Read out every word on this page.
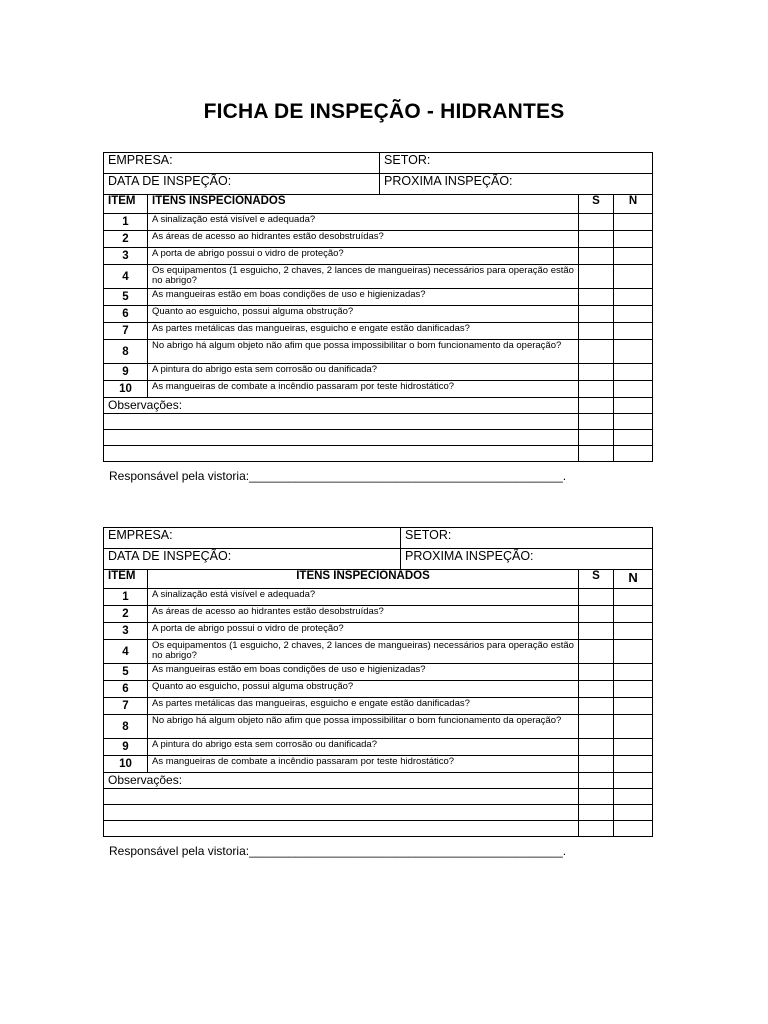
FICHA DE INSPEÇÃO - HIDRANTES
EMPRESA:		SETOR:		
DATA DE INSPEÇÃO:		PROXIMA INSPEÇÃO:		
ITEM	ITENS INSPECIONADOS		S	N
1	A sinalização está visível e adequada?			
2	As áreas de acesso ao hidrantes estão desobstruídas?			
3	A porta de abrigo possui o vidro de proteção?			
4	Os equipamentos (1 esguicho, 2 chaves, 2 lances de mangueiras) necessários para operação estão no abrigo?			
5	As mangueiras estão em boas condições de uso e higienizadas?			
6	Quanto ao esguicho, possui alguma obstrução?			
7	As partes metálicas das mangueiras, esguicho e engate estão danificadas?			
8	No abrigo há algum objeto não afim que possa impossibilitar o bom funcionamento da operação?			
9	A pintura do abrigo esta sem corrosão ou danificada?			
10	As mangueiras de combate a incêndio passaram por teste hidrostático?			
Observações:				

Responsável pela vistoria:_______________________________________________.
EMPRESA:		SETOR:		
DATA DE INSPEÇÃO:		PROXIMA INSPEÇÃO:		
ITEM	ITENS INSPECIONADOS		S	N
1	A sinalização está visível e adequada?			
2	As áreas de acesso ao hidrantes estão desobstruídas?			
3	A porta de abrigo possui o vidro de proteção?			
4	Os equipamentos (1 esguicho, 2 chaves, 2 lances de mangueiras) necessários para operação estão no abrigo?			
5	As mangueiras estão em boas condições de uso e higienizadas?			
6	Quanto ao esguicho, possui alguma obstrução?			
7	As partes metálicas das mangueiras, esguicho e engate estão danificadas?			
8	No abrigo há algum objeto não afim que possa impossibilitar o bom funcionamento da operação?			
9	A pintura do abrigo esta sem corrosão ou danificada?			
10	As mangueiras de combate a incêndio passaram por teste hidrostático?			
Observações:				

Responsável pela vistoria:_______________________________________________.
